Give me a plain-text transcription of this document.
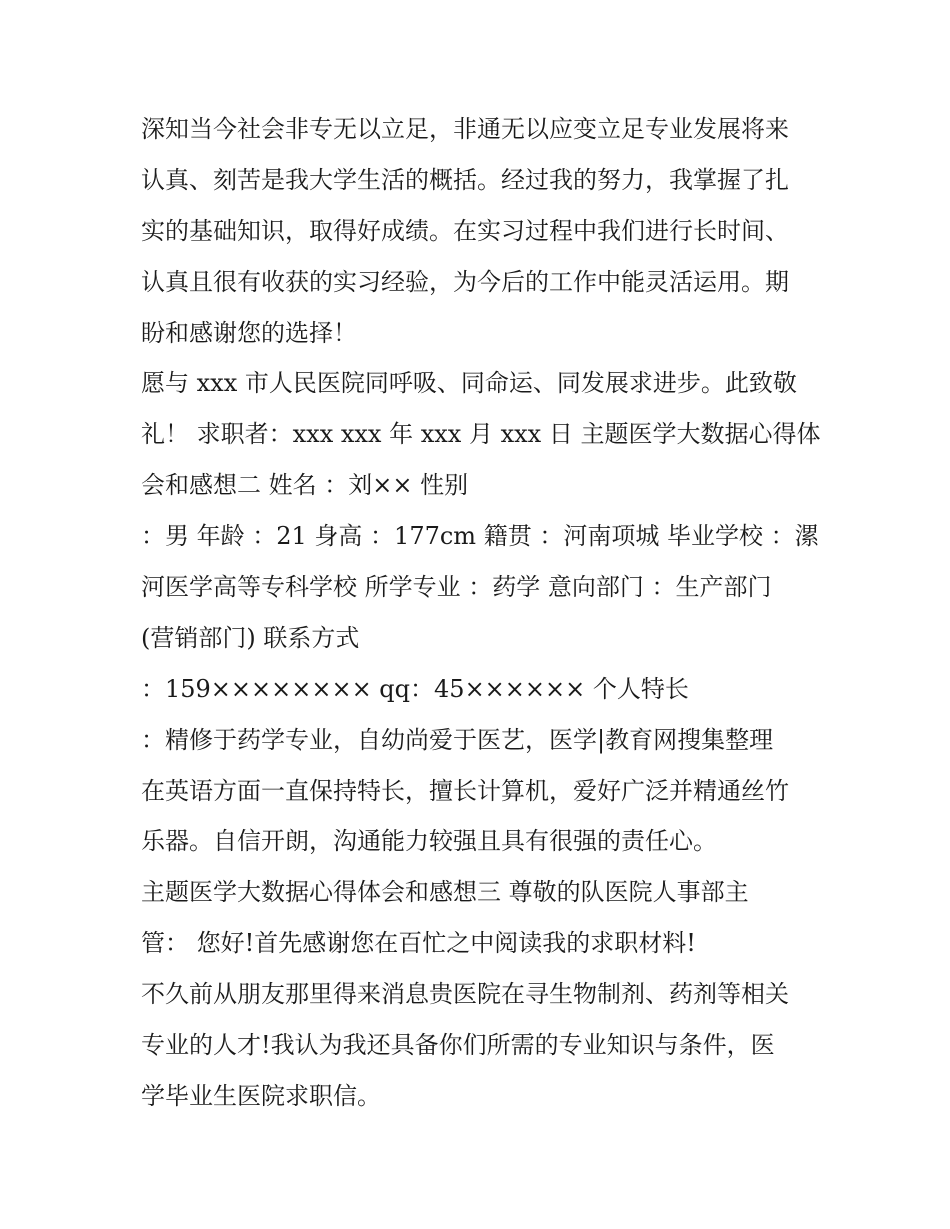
深知当今社会非专无以立足，非通无以应变立足专业发展将来
认真、刻苦是我大学生活的概括。经过我的努力，我掌握了扎
实的基础知识，取得好成绩。在实习过程中我们进行长时间、
认真且很有收获的实习经验，为今后的工作中能灵活运用。期
盼和感谢您的选择！
愿与 xxx 市人民医院同呼吸、同命运、同发展求进步。此致敬
礼！ 求职者：xxx xxx 年 xxx 月 xxx 日 主题医学大数据心得体
会和感想二 姓名 ：刘×× 性别
：男 年龄 ：21 身高 ：177cm 籍贯 ：河南项城 毕业学校 ：漯
河医学高等专科学校 所学专业 ：药学 意向部门 ：生产部门
(营销部门) 联系方式
：159×××××××× qq：45×××××× 个人特长
：精修于药学专业，自幼尚爱于医艺，医学|教育网搜集整理
在英语方面一直保持特长，擅长计算机，爱好广泛并精通丝竹
乐器。自信开朗，沟通能力较强且具有很强的责任心。
主题医学大数据心得体会和感想三 尊敬的队医院人事部主
管： 您好!首先感谢您在百忙之中阅读我的求职材料!
不久前从朋友那里得来消息贵医院在寻生物制剂、药剂等相关
专业的人才!我认为我还具备你们所需的专业知识与条件，医
学毕业生医院求职信。
